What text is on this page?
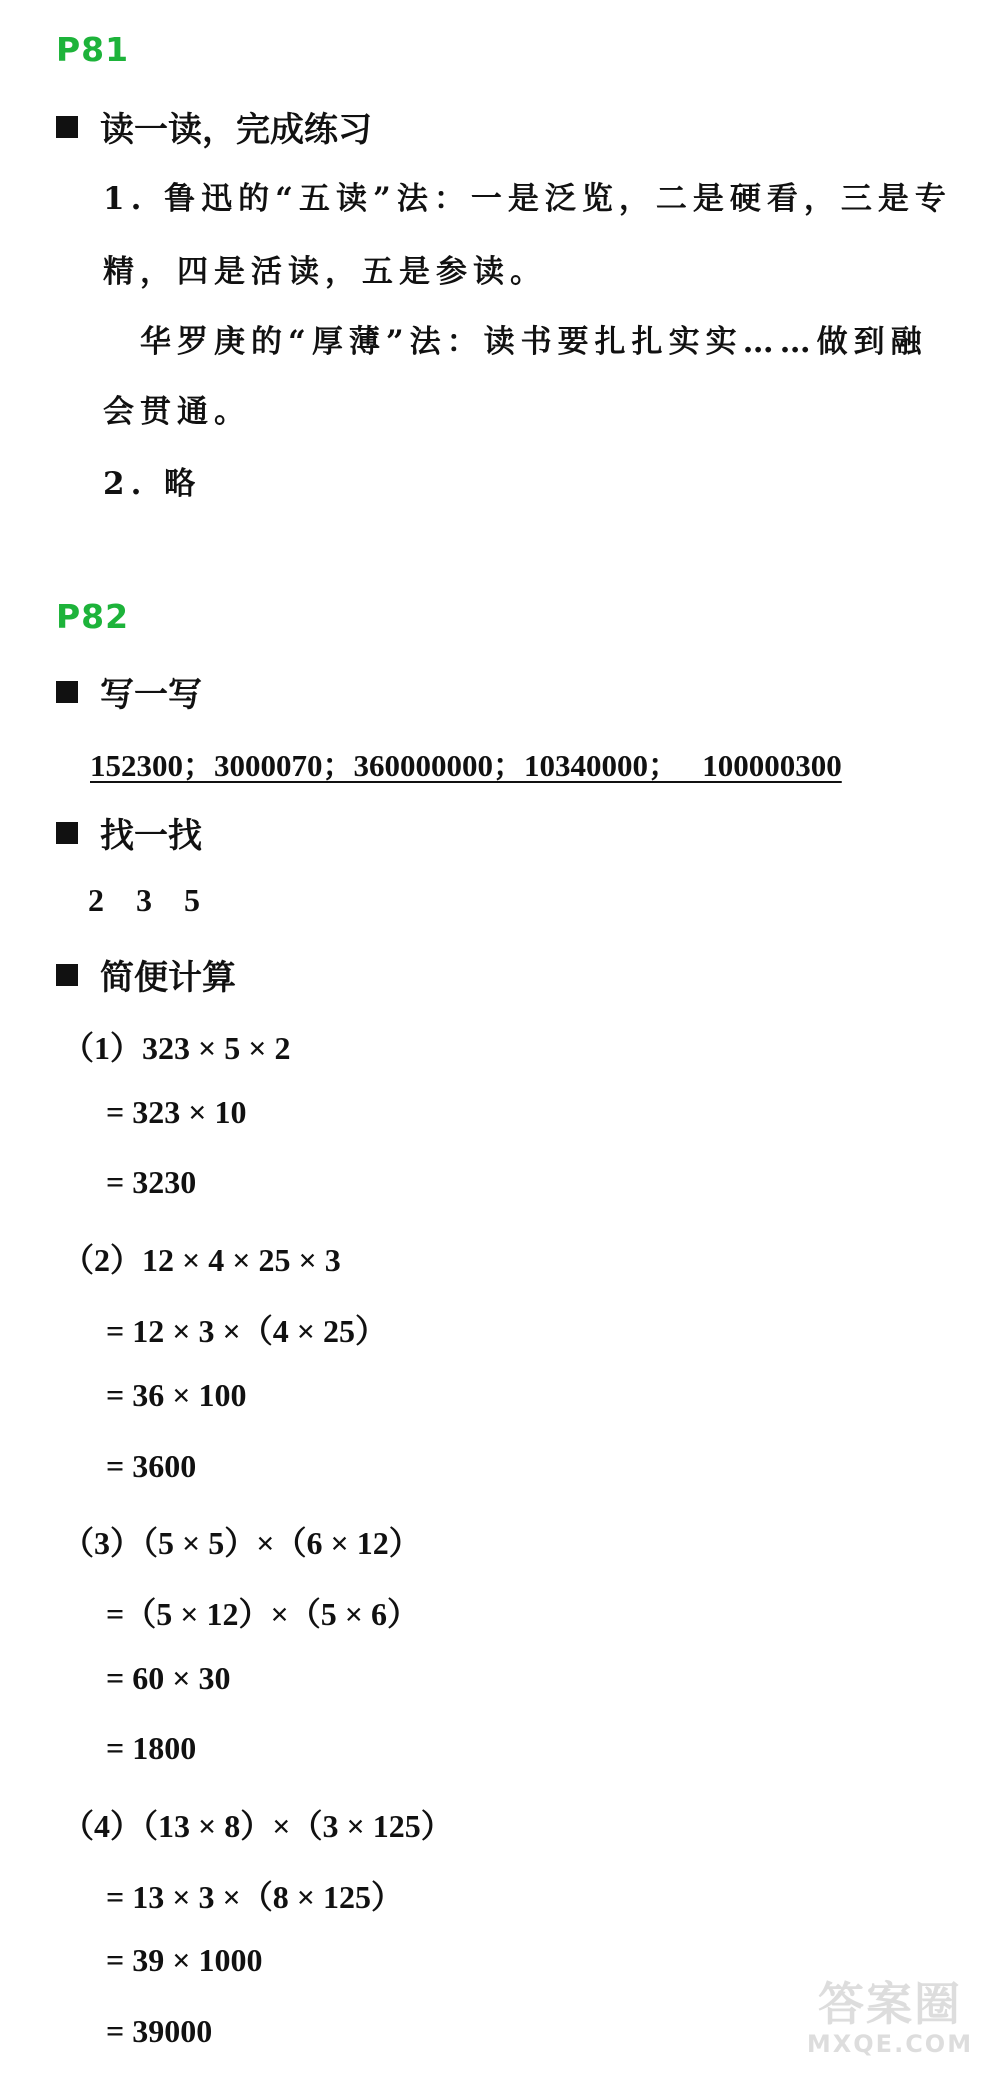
P81
读一读，完成练习
1. 鲁迅的“五读”法：一是泛览，二是硬看，三是专
精，四是活读，五是参读。
华罗庚的“厚薄”法：读书要扎扎实实……做到融
会贯通。
2. 略
P82
写一写
152300；3000070；360000000；10340000；   100000300
找一找
2    3    5
简便计算
（1）323 × 5 × 2
= 323 × 10
= 3230
（2）12 × 4 × 25 × 3
= 12 × 3 ×（4 × 25）
= 36 × 100
= 3600
（3）（5 × 5）×（6 × 12）
=（5 × 12）×（5 × 6）
= 60 × 30
= 1800
（4）（13 × 8）×（3 × 125）
= 13 × 3 ×（8 × 125）
= 39 × 1000
= 39000	答案圈
MXQE.COM
